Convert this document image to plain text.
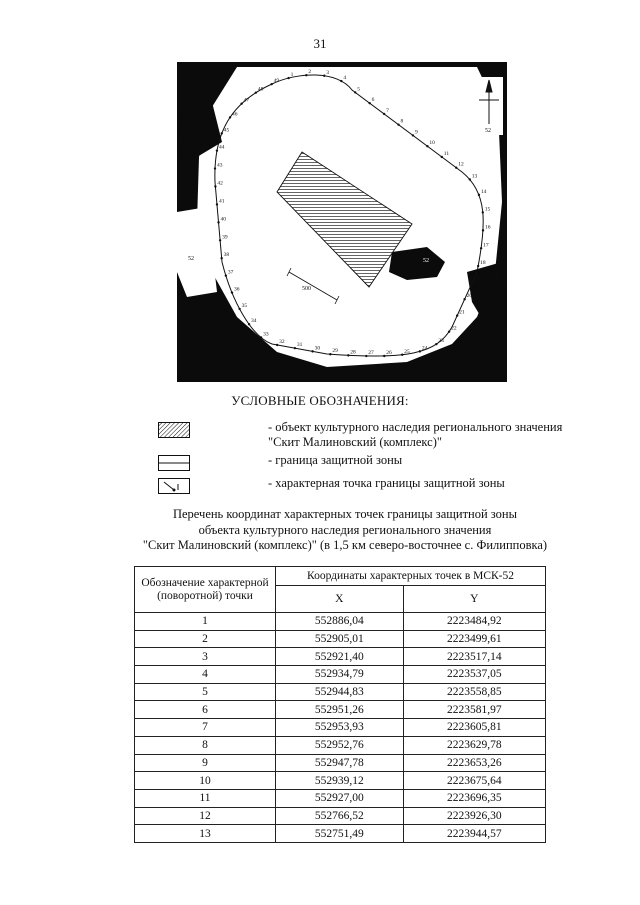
31
52
500
52	52
1	2	3
4
5
6
7
8
9
10
11
12
13
14
15
16
17
18
19
20
21
22
23
24
25
26
27
28
29
30
31
32
33
34
35
36
37
38
39
40
41
42
43
44
45
46
47
48
49
УСЛОВНЫЕ ОБОЗНАЧЕНИЯ:
- объект культурного наследия регионального значения "Скит Малиновский (комплекс)"
- граница защитной зоны
- характерная точка границы защитной зоны
Перечень координат характерных точек границы защитной зоны
объекта культурного наследия регионального значения
"Скит Малиновский (комплекс)" (в 1,5 км северо-восточнее с. Филипповка)
Обозначение характерной (поворотной) точки	Координаты характерных точек в МСК-52	
	X	Y
1	552886,04	2223484,92
2	552905,01	2223499,61
3	552921,40	2223517,14
4	552934,79	2223537,05
5	552944,83	2223558,85
6	552951,26	2223581,97
7	552953,93	2223605,81
8	552952,76	2223629,78
9	552947,78	2223653,26
10	552939,12	2223675,64
11	552927,00	2223696,35
12	552766,52	2223926,30
13	552751,49	2223944,57
